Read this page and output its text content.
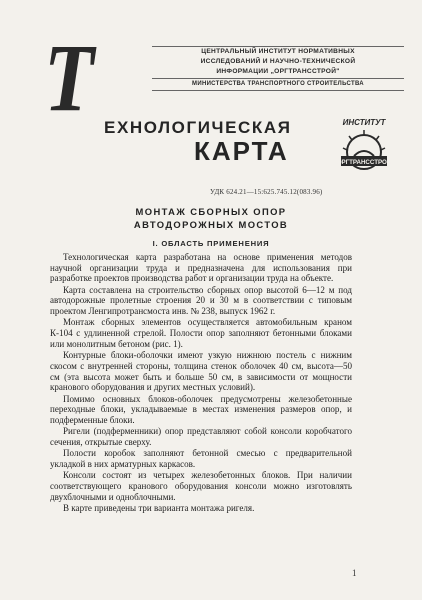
Т	ЦЕНТРАЛЬНЫЙ ИНСТИТУТ НОРМАТИВНЫХ
ИССЛЕДОВАНИЙ И НАУЧНО-ТЕХНИЧЕСКОЙ
ИНФОРМАЦИИ „ОРГТРАНССТРОЙ"
МИНИСТЕРСТВА ТРАНСПОРТНОГО СТРОИТЕЛЬСТВА
ЕХНОЛОГИЧЕСКАЯ
КАРТА
ИНСТИТУТ
ОРГТРАНССТРОЙ
УДК 624.21—15:625.745.12(083.96)
МОНТАЖ СБОРНЫХ ОПОР
АВТОДОРОЖНЫХ МОСТОВ
I. ОБЛАСТЬ ПРИМЕНЕНИЯ

Технологическая карта разработана на основе применения методов научной организации труда и предназначена для использования при разработке проектов производства работ и организации труда на объекте.

Карта составлена на строительство сборных опор высотой 6—12 м под автодорожные пролетные строения 20 и 30 м в соответствии с типовым проектом Ленгипротрансмоста инв. № 238, выпуск 1962 г.

Монтаж сборных элементов осуществляется автомобильным краном К-104 с удлиненной стрелой. Полости опор заполняют бетонными блоками или монолитным бетоном (рис. 1).

Контурные блоки-оболочки имеют узкую нижнюю постель с нижним скосом с внутренней стороны, толщина стенок оболочек 40 см, высота—50 см (эта высота может быть и больше 50 см, в зависимости от мощности кранового оборудования и других местных условий).

Помимо основных блоков-оболочек предусмотрены железобетонные переходные блоки, укладываемые в местах изменения размеров опор, и подферменные блоки.

Ригели (подферменники) опор представляют собой консоли коробчатого сечения, открытые сверху.

Полости коробок заполняют бетонной смесью с предварительной укладкой в них арматурных каркасов.

Консоли состоят из четырех железобетонных блоков. При наличии соответствующего кранового оборудования консоли можно изготовлять двухблочными и одноблочными.

В карте приведены три варианта монтажа ригеля.

1
